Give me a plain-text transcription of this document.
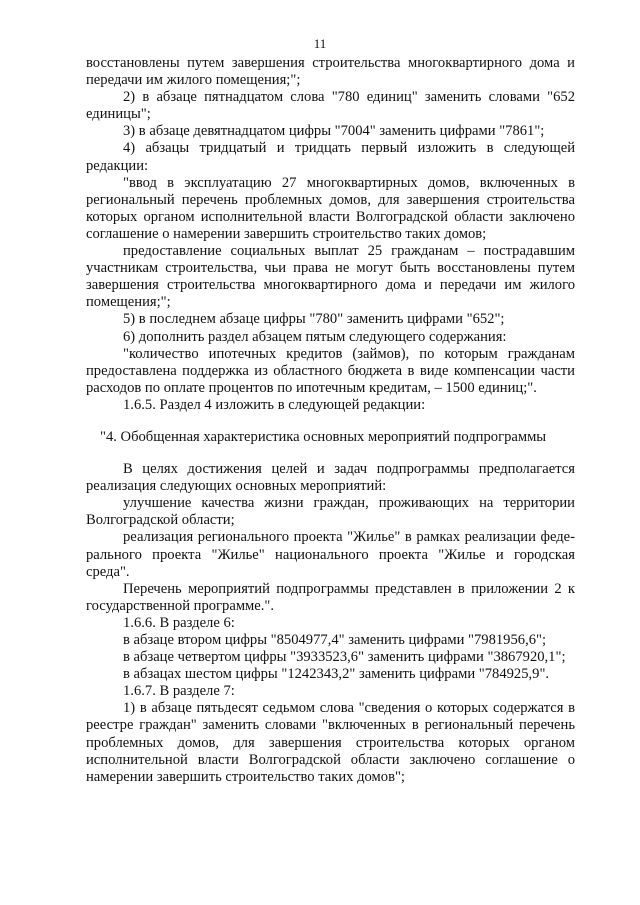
11

восстановлены путем завершения строительства многоквартирного дома и передачи им жилого помещения;";

2) в абзаце пятнадцатом слова "780 единиц" заменить словами "652 единицы";

3) в абзаце девятнадцатом цифры "7004" заменить цифрами "7861";

4) абзацы тридцатый и тридцать первый изложить в следующей редакции:

"ввод в эксплуатацию 27 многоквартирных домов, включенных в региональный перечень проблемных домов, для завершения строительства которых органом исполнительной власти Волгоградской области заключено соглашение о намерении завершить строительство таких домов;

предоставление социальных выплат 25 гражданам – пострадавшим участникам строительства, чьи права не могут быть восстановлены путем завершения строительства многоквартирного дома и передачи им жилого помещения;";

5) в последнем абзаце цифры "780" заменить цифрами "652";

6) дополнить раздел абзацем пятым следующего содержания:

"количество ипотечных кредитов (займов), по которым гражданам предоставлена поддержка из областного бюджета в виде компенсации части расходов по оплате процентов по ипотечным кредитам, – 1500 единиц;".

1.6.5. Раздел 4 изложить в следующей редакции:

"4. Обобщенная характеристика основных мероприятий подпрограммы

В целях достижения целей и задач подпрограммы предполагается реализация следующих основных мероприятий:

улучшение качества жизни граждан, проживающих на территории Волгоградской области;

реализация регионального проекта "Жилье" в рамках реализации феде-рального проекта "Жилье" национального проекта "Жилье и городская среда".

Перечень мероприятий подпрограммы представлен в приложении 2 к государственной программе.".

1.6.6. В разделе 6:

в абзаце втором цифры "8504977,4" заменить цифрами "7981956,6";

в абзаце четвертом цифры "3933523,6" заменить цифрами "3867920,1";

в абзацах шестом цифры "1242343,2" заменить цифрами "784925,9".

1.6.7. В разделе 7:

1) в абзаце пятьдесят седьмом слова "сведения о которых содержатся в реестре граждан" заменить словами "включенных в региональный перечень проблемных домов, для завершения строительства которых органом исполнительной власти Волгоградской области заключено соглашение о намерении завершить строительство таких домов";
